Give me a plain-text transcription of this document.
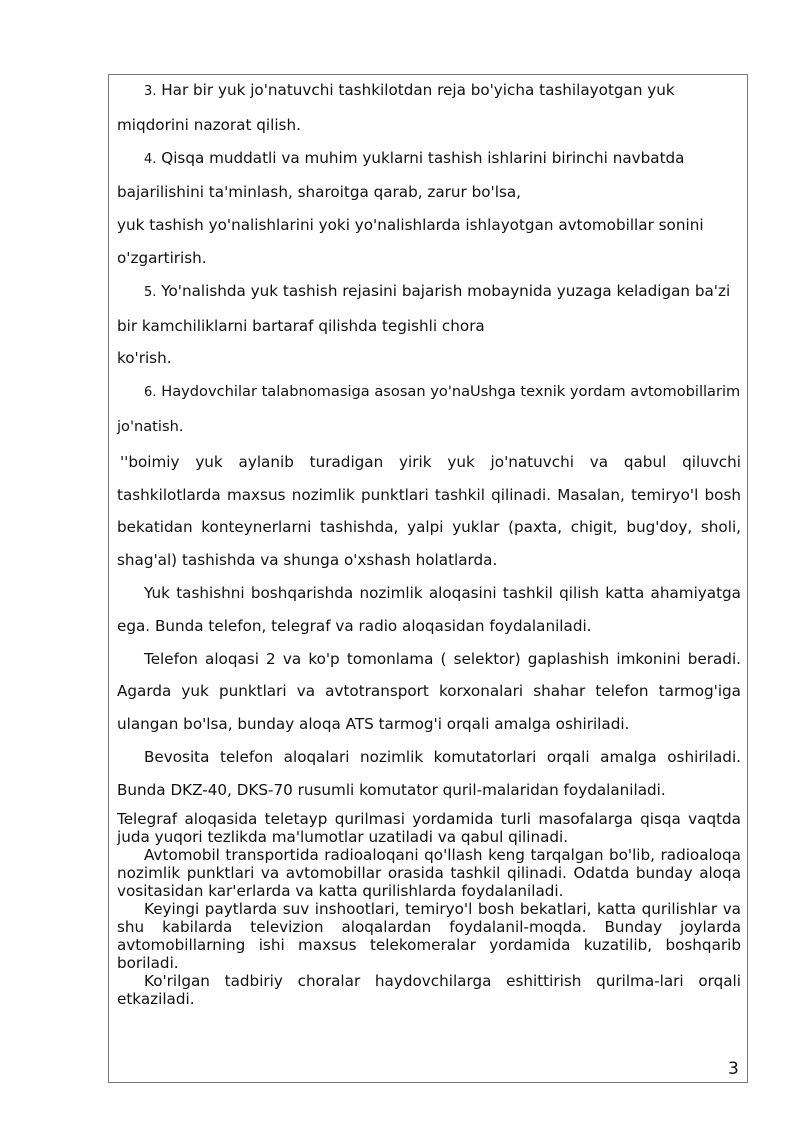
3. Har bir yuk jo'natuvchi tashkilotdan reja bo'yicha tashilayotgan yuk miqdorini nazorat qilish.

4. Qisqa muddatli va muhim yuklarni tashish ishlarini birinchi navbatda bajarilishini ta'minlash, sharoitga qarab, zarur bo'lsa,

yuk tashish yo'nalishlarini yoki yo'nalishlarda ishlayotgan avtomobillar sonini o'zgartirish.

5. Yo'nalishda yuk tashish rejasini bajarish mobaynida yuzaga keladigan ba'zi bir kamchiliklarni bartaraf qilishda tegishli chora

ko'rish.

6. Haydovchilar talabnomasiga asosan yo'naUshga texnik yordam avtomobillarim jo'natish.

''boimiy yuk aylanib turadigan yirik yuk jo'natuvchi va qabul qiluvchi tashkilotlarda maxsus nozimlik punktlari tashkil qilinadi. Masalan, temiryo'l bosh bekatidan konteynerlarni tashishda, yalpi yuklar (paxta, chigit, bug'doy, sholi, shag'al) tashishda va shunga o'xshash holatlarda.

Yuk tashishni boshqarishda nozimlik aloqasini tashkil qilish katta ahamiyatga ega. Bunda telefon, telegraf va radio aloqasidan foydalaniladi.

Telefon aloqasi 2 va ko'p tomonlama ( selektor) gaplashish imkonini beradi. Agarda yuk punktlari va avtotransport korxonalari shahar telefon tarmog'iga ulangan bo'lsa, bunday aloqa ATS tarmog'i orqali amalga oshiriladi.

Bevosita telefon aloqalari nozimlik komutatorlari orqali amalga oshiriladi. Bunda DKZ-40, DKS-70 rusumli komutator quril-malaridan foydalaniladi.

Telegraf aloqasida teletayp qurilmasi yordamida turli masofalarga qisqa vaqtda juda yuqori tezlikda ma'lumotlar uzatiladi va qabul qilinadi.

Avtomobil transportida radioaloqani qo'llash keng tarqalgan bo'lib, radioaloqa nozimlik punktlari va avtomobillar orasida tashkil qilinadi. Odatda bunday aloqa vositasidan kar'erlarda va katta qurilishlarda foydalaniladi.

Keyingi paytlarda suv inshootlari, temiryo'l bosh bekatlari, katta qurilishlar va shu kabilarda televizion aloqalardan foydalanil-moqda. Bunday joylarda avtomobillarning ishi maxsus telekomeralar yordamida kuzatilib, boshqarib boriladi.

Ko'rilgan tadbiriy choralar haydovchilarga eshittirish qurilma-lari orqali etkaziladi.

3
